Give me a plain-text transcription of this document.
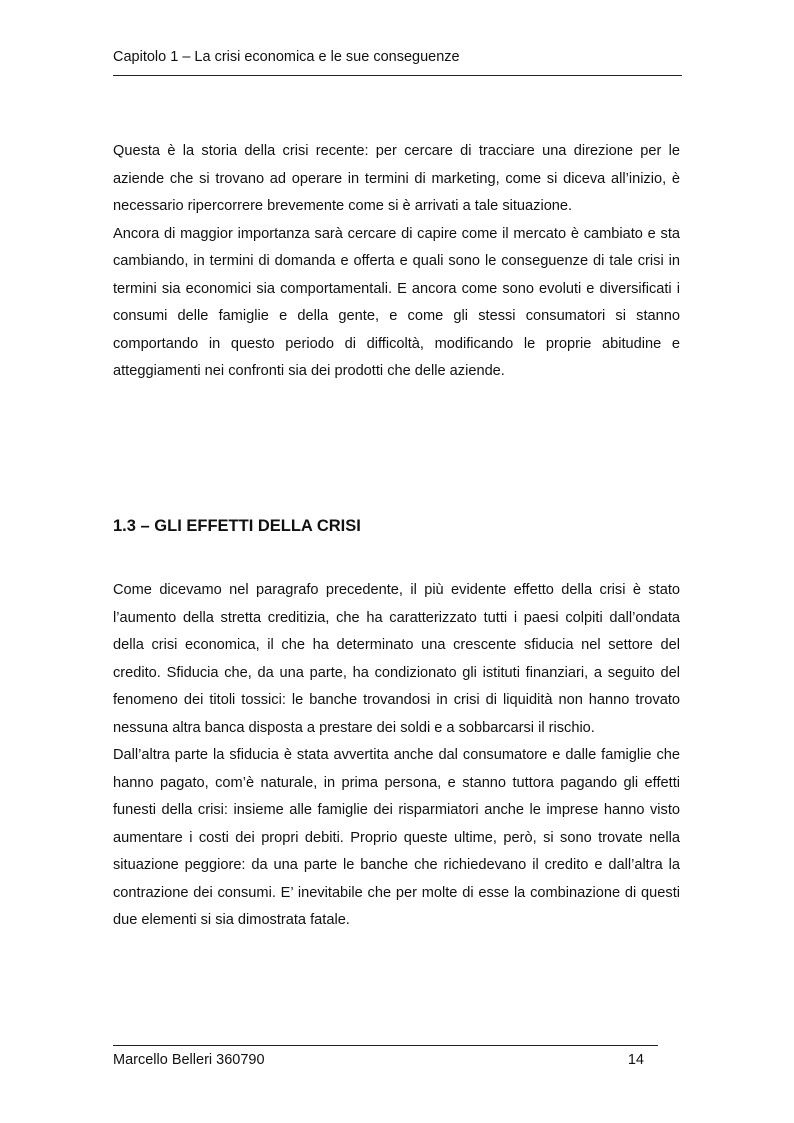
Capitolo 1 – La crisi economica e le sue conseguenze

Questa è la storia della crisi recente: per cercare di tracciare una direzione per le aziende che si trovano ad operare in termini di marketing, come si diceva all’inizio, è necessario ripercorrere brevemente come si è arrivati a tale situazione.

Ancora di maggior importanza sarà cercare di capire come il mercato è cambiato e sta cambiando, in termini di domanda e offerta e quali sono le conseguenze di tale crisi in termini sia economici sia comportamentali. E ancora come sono evoluti e diversificati i consumi delle famiglie e della gente, e come gli stessi consumatori si stanno comportando in questo periodo di difficoltà, modificando le proprie abitudine e atteggiamenti nei confronti sia dei prodotti che delle aziende.

1.3 – GLI EFFETTI DELLA CRISI

Come dicevamo nel paragrafo precedente, il più evidente effetto della crisi è stato l’aumento della stretta creditizia, che ha caratterizzato tutti i paesi colpiti dall’ondata della crisi economica, il che ha determinato una crescente sfiducia nel settore del credito. Sfiducia che, da una parte, ha condizionato gli istituti finanziari, a seguito del fenomeno dei titoli tossici: le banche trovandosi in crisi di liquidità non hanno trovato nessuna altra banca disposta a prestare dei soldi e a sobbarcarsi il rischio.

Dall’altra parte la sfiducia è stata avvertita anche dal consumatore e dalle famiglie che hanno pagato, com’è naturale, in prima persona, e stanno tuttora pagando gli effetti funesti della crisi: insieme alle famiglie dei risparmiatori anche le imprese hanno visto aumentare i costi dei propri debiti. Proprio queste ultime, però, si sono trovate nella situazione peggiore: da una parte le banche che richiedevano il credito e dall’altra la contrazione dei consumi. E’ inevitabile che per molte di esse la combinazione di questi due elementi si sia dimostrata fatale.

Marcello Belleri 360790	14
